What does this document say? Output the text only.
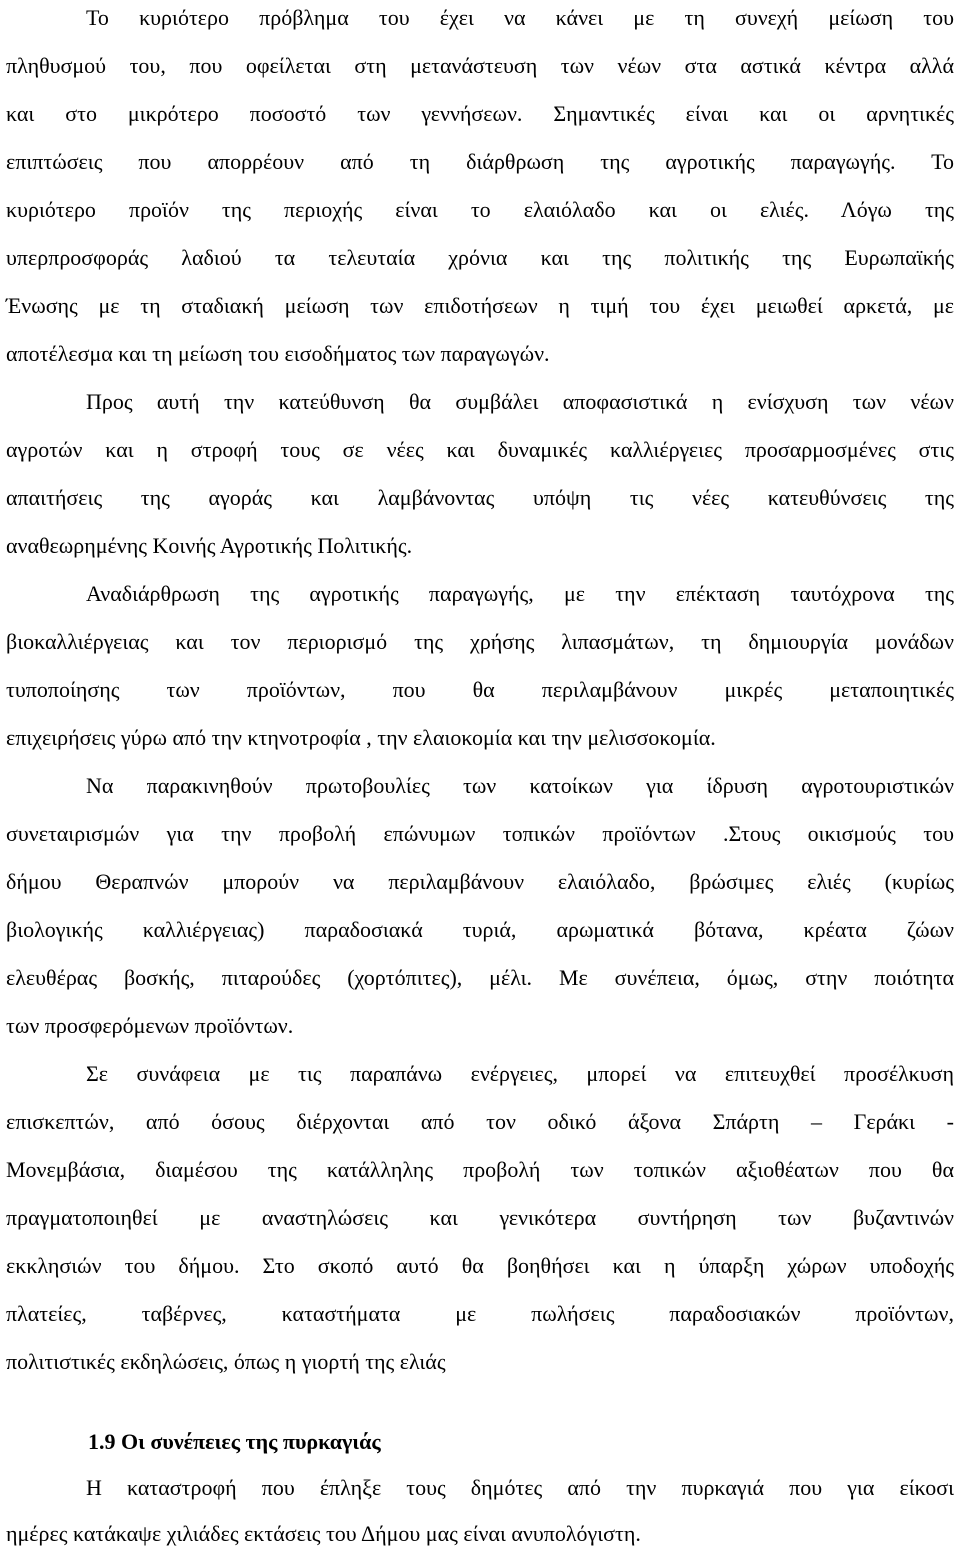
Το κυριότερο πρόβλημα του έχει να κάνει με τη συνεχή μείωση του
πληθυσμού του, που οφείλεται στη μετανάστευση των νέων στα αστικά κέντρα αλλά
και στο μικρότερο ποσοστό των γεννήσεων. Σημαντικές είναι και οι αρνητικές
επιπτώσεις που απορρέουν από τη διάρθρωση της αγροτικής παραγωγής. Το
κυριότερο προϊόν της περιοχής είναι το ελαιόλαδο και οι ελιές. Λόγω της
υπερπροσφοράς λαδιού τα τελευταία χρόνια και της πολιτικής της Ευρωπαϊκής
Ένωσης με τη σταδιακή μείωση των επιδοτήσεων η τιμή του έχει μειωθεί αρκετά, με
αποτέλεσμα και τη μείωση του εισοδήματος των παραγωγών.
Προς αυτή την κατεύθυνση θα συμβάλει αποφασιστικά η ενίσχυση των νέων
αγροτών και η στροφή τους σε νέες και δυναμικές καλλιέργειες προσαρμοσμένες στις
απαιτήσεις της αγοράς και λαμβάνοντας υπόψη τις νέες κατευθύνσεις της
αναθεωρημένης Κοινής Αγροτικής Πολιτικής.
Αναδιάρθρωση της αγροτικής παραγωγής, με την επέκταση ταυτόχρονα της
βιοκαλλιέργειας και τον περιορισμό της χρήσης λιπασμάτων, τη δημιουργία μονάδων
τυποποίησης των προϊόντων, που θα περιλαμβάνουν μικρές μεταποιητικές
επιχειρήσεις γύρω από την κτηνοτροφία , την ελαιοκομία και την μελισσοκομία.
Να παρακινηθούν πρωτοβουλίες των κατοίκων για ίδρυση αγροτουριστικών
συνεταιρισμών για την προβολή επώνυμων τοπικών προϊόντων .Στους οικισμούς του
δήμου Θεραπνών μπορούν να περιλαμβάνουν ελαιόλαδο, βρώσιμες ελιές (κυρίως
βιολογικής καλλιέργειας) παραδοσιακά τυριά, αρωματικά βότανα, κρέατα ζώων
ελευθέρας βοσκής, πιταρούδες (χορτόπιτες), μέλι. Με συνέπεια, όμως, στην ποιότητα
των προσφερόμενων προϊόντων.
Σε συνάφεια με τις παραπάνω ενέργειες, μπορεί να επιτευχθεί προσέλκυση
επισκεπτών, από όσους διέρχονται από τον οδικό άξονα Σπάρτη – Γεράκι -
Μονεμβάσια, διαμέσου της κατάλληλης προβολή των τοπικών αξιοθέατων που θα
πραγματοποιηθεί με αναστηλώσεις και γενικότερα συντήρηση των βυζαντινών
εκκλησιών του δήμου. Στο σκοπό αυτό θα βοηθήσει και η ύπαρξη χώρων υποδοχής
πλατείες, ταβέρνες, καταστήματα με πωλήσεις παραδοσιακών προϊόντων,
πολιτιστικές εκδηλώσεις, όπως η γιορτή της ελιάς
1.9 Οι συνέπειες της πυρκαγιάς
Η καταστροφή που έπληξε τους δημότες από την πυρκαγιά που για είκοσι
ημέρες κατάκαψε χιλιάδες εκτάσεις του Δήμου μας είναι ανυπολόγιστη.
